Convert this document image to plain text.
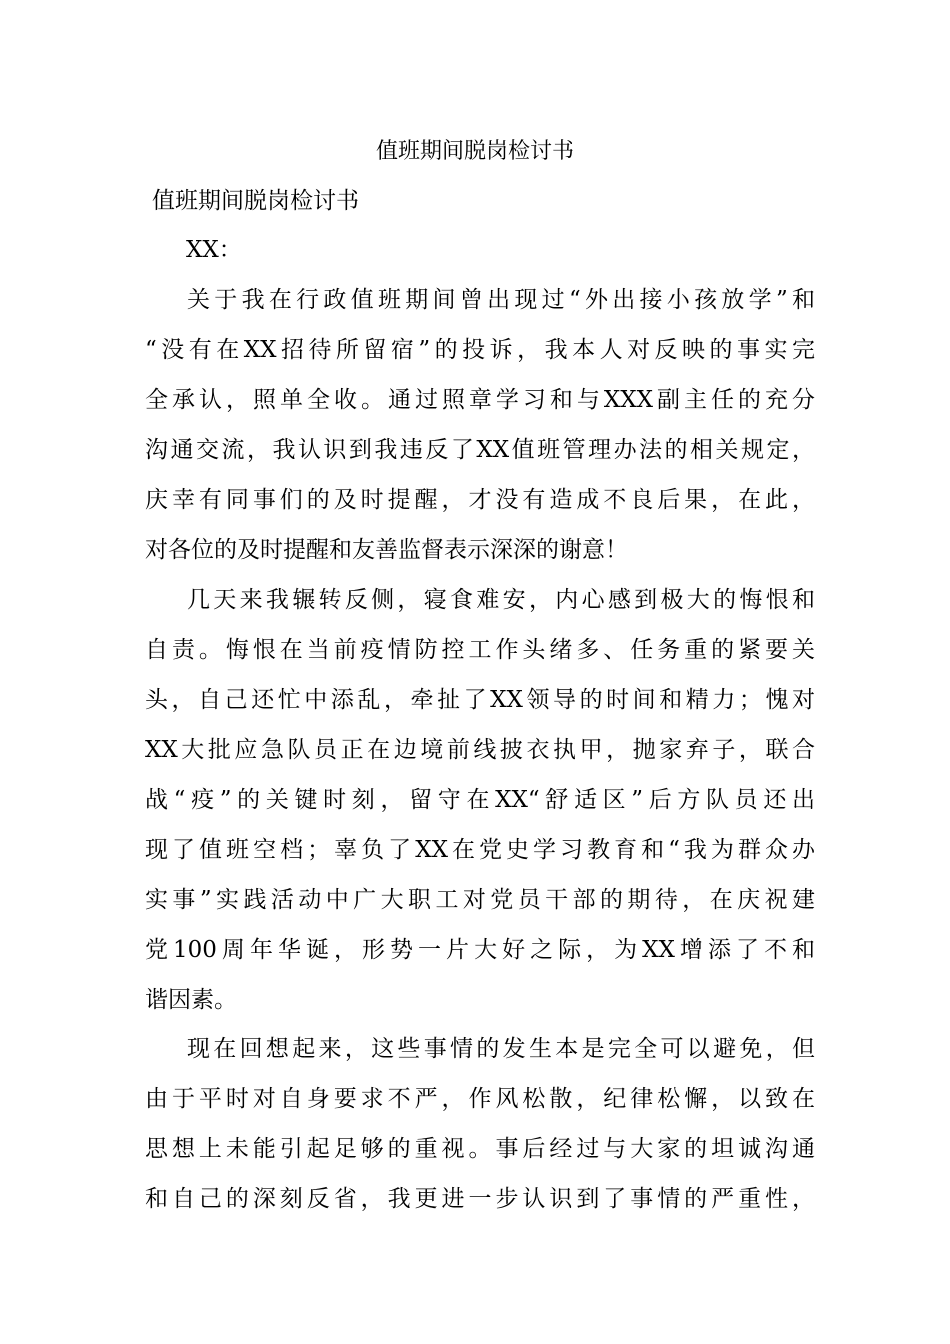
值班期间脱岗检讨书

值班期间脱岗检讨书

XX：

关于我在行政值班期间曾出现过“外出接小孩放学”和
“没有在XX招待所留宿”的投诉，我本人对反映的事实完
全承认，照单全收。通过照章学习和与XXX副主任的充分
沟通交流，我认识到我违反了XX值班管理办法的相关规定，
庆幸有同事们的及时提醒，才没有造成不良后果，在此，
对各位的及时提醒和友善监督表示深深的谢意！
几天来我辗转反侧，寝食难安，内心感到极大的悔恨和
自责。悔恨在当前疫情防控工作头绪多、任务重的紧要关
头，自己还忙中添乱，牵扯了XX领导的时间和精力；愧对
XX大批应急队员正在边境前线披衣执甲，抛家弃子，联合
战“疫”的关键时刻，留守在XX“舒适区”后方队员还出
现了值班空档；辜负了XX在党史学习教育和“我为群众办
实事”实践活动中广大职工对党员干部的期待，在庆祝建
党100周年华诞，形势一片大好之际，为XX增添了不和
谐因素。
现在回想起来，这些事情的发生本是完全可以避免，但
由于平时对自身要求不严，作风松散，纪律松懈，以致在
思想上未能引起足够的重视。事后经过与大家的坦诚沟通
和自己的深刻反省，我更进一步认识到了事情的严重性，
